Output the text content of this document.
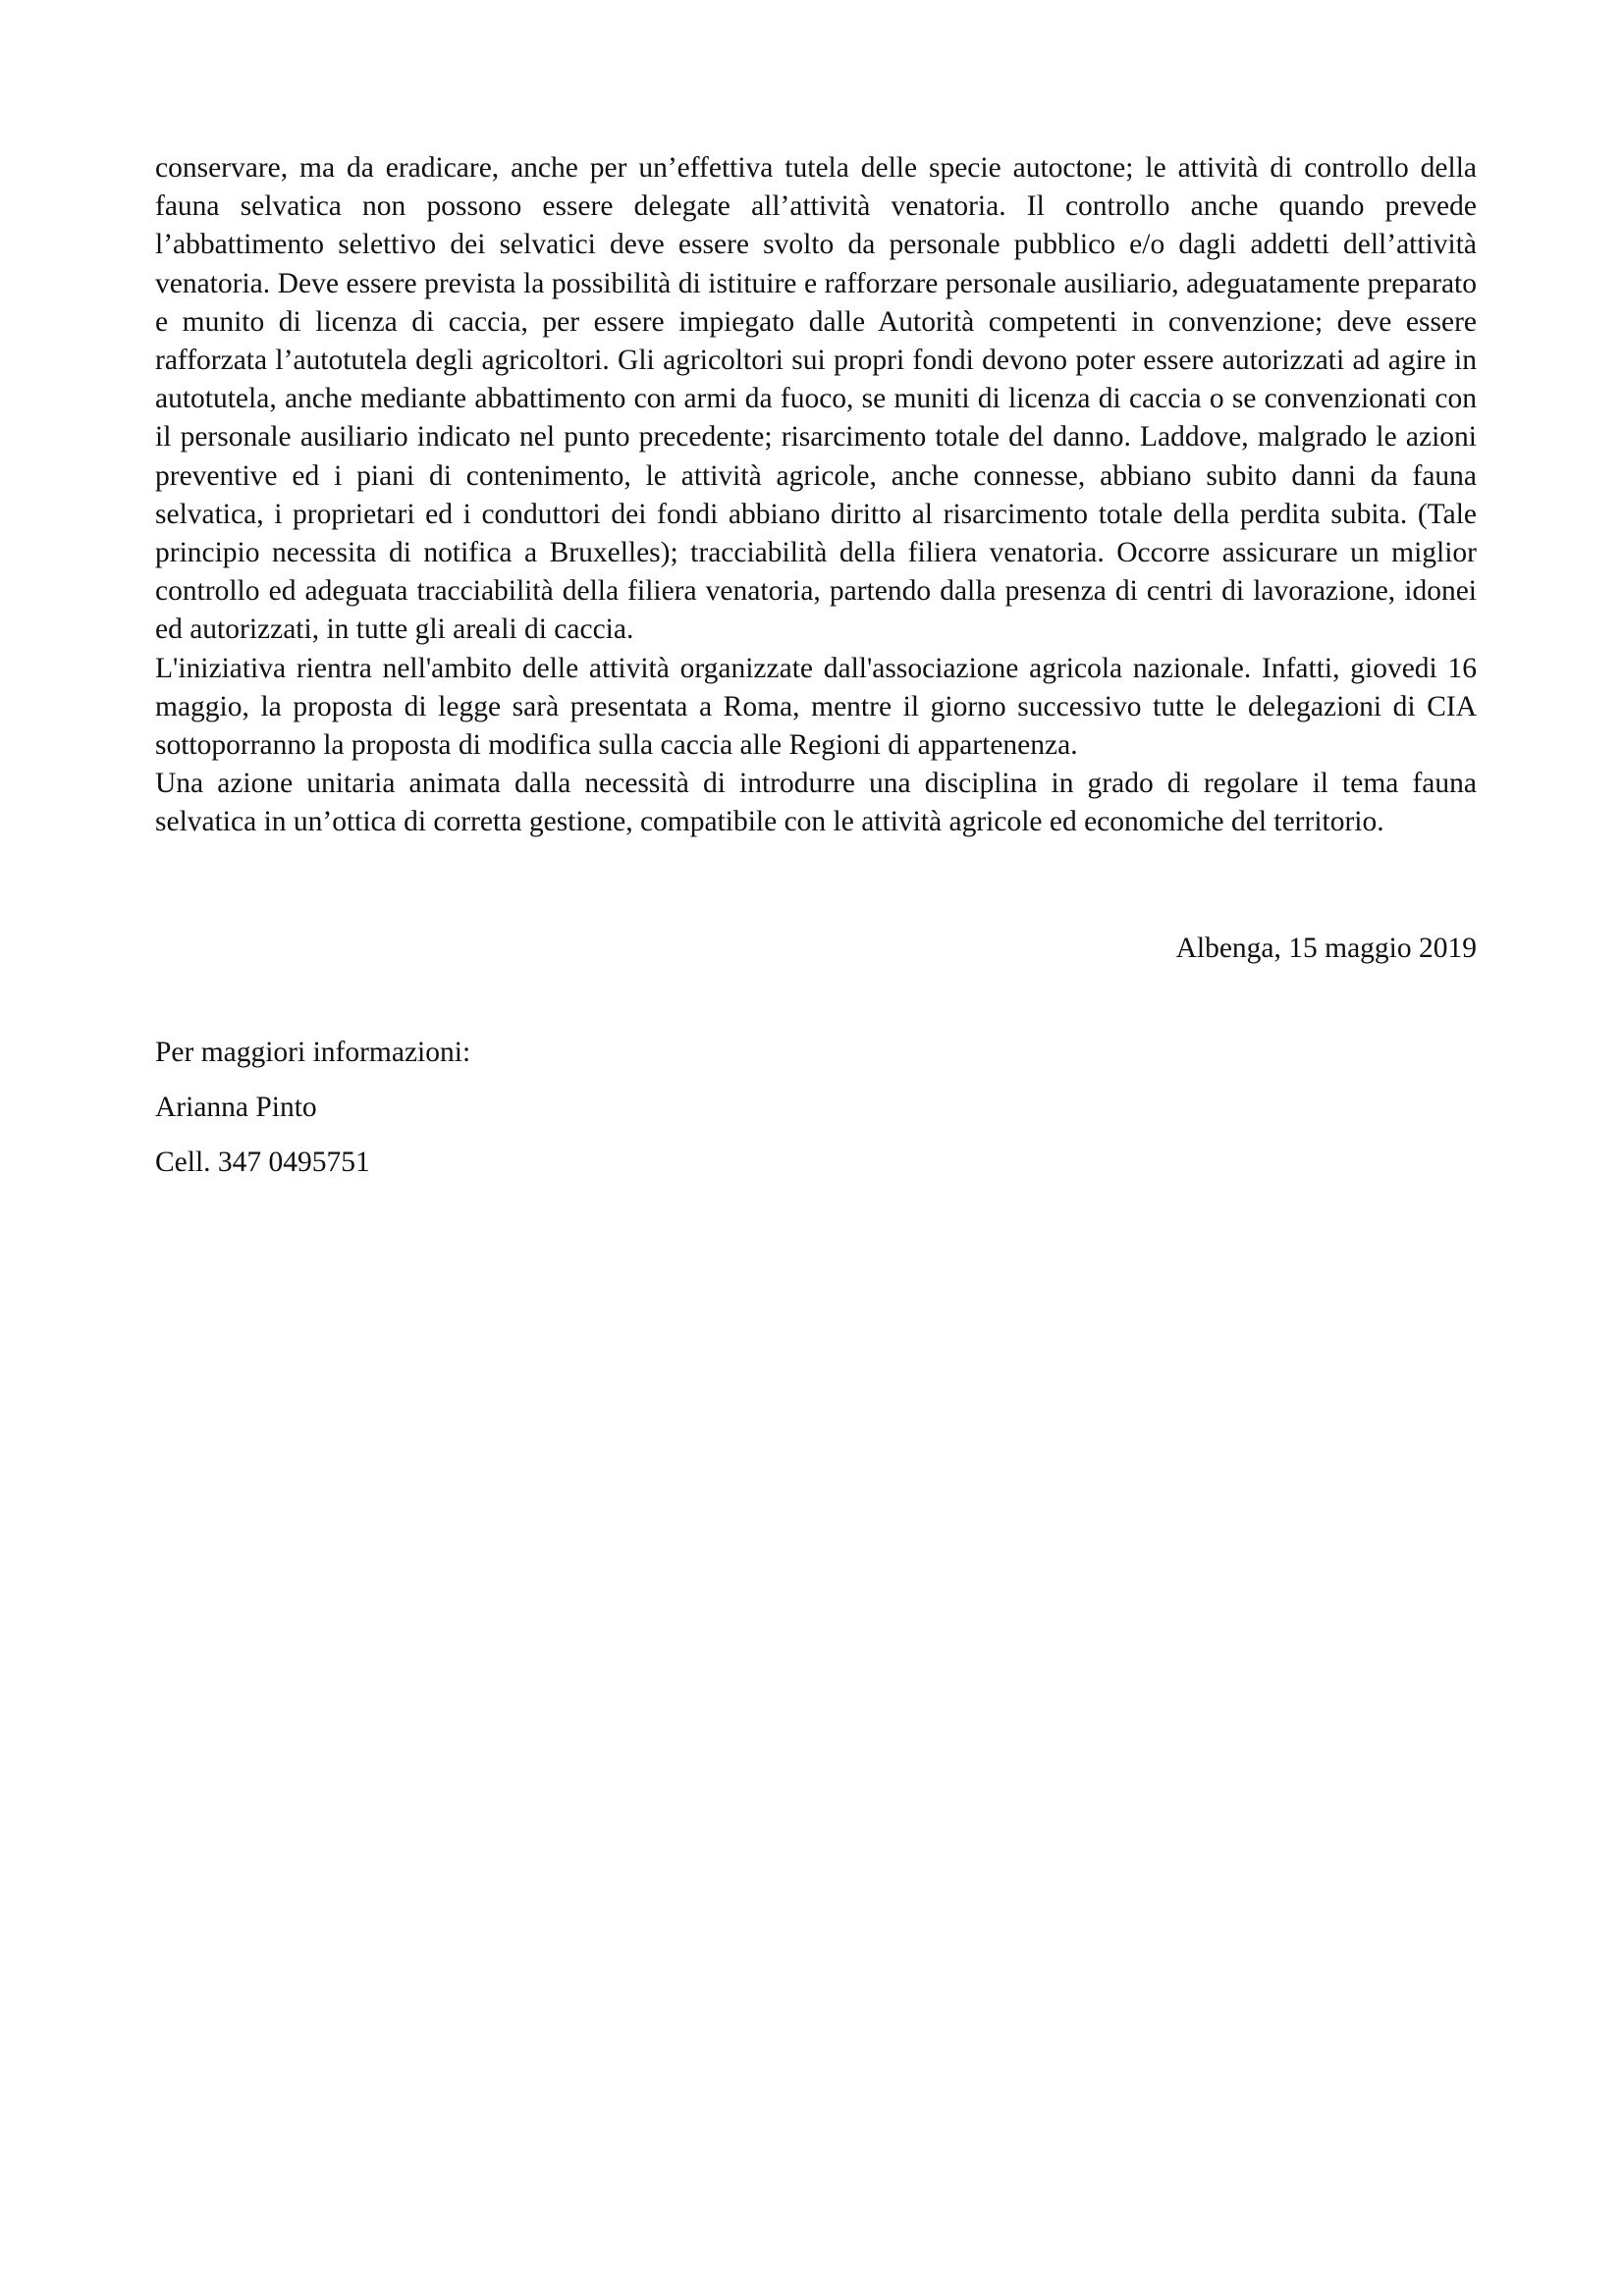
conservare, ma da eradicare, anche per un’effettiva tutela delle specie autoctone; le attività di controllo della fauna selvatica non possono essere delegate all’attività venatoria. Il controllo anche quando prevede l’abbattimento selettivo dei selvatici deve essere svolto da personale pubblico e/o dagli addetti dell’attività venatoria. Deve essere prevista la possibilità di istituire e rafforzare personale ausiliario, adeguatamente preparato e munito di licenza di caccia, per essere impiegato dalle Autorità competenti in convenzione; deve essere rafforzata l’autotutela degli agricoltori. Gli agricoltori sui propri fondi devono poter essere autorizzati ad agire in autotutela, anche mediante abbattimento con armi da fuoco, se muniti di licenza di caccia o se convenzionati con il personale ausiliario indicato nel punto precedente; risarcimento totale del danno. Laddove, malgrado le azioni preventive ed i piani di contenimento, le attività agricole, anche connesse, abbiano subito danni da fauna selvatica, i proprietari ed i conduttori dei fondi abbiano diritto al risarcimento totale della perdita subita. (Tale principio necessita di notifica a Bruxelles); tracciabilità della filiera venatoria. Occorre assicurare un miglior controllo ed adeguata tracciabilità della filiera venatoria, partendo dalla presenza di centri di lavorazione, idonei ed autorizzati, in tutte gli areali di caccia.

L'iniziativa rientra nell'ambito delle attività organizzate dall'associazione agricola nazionale. Infatti, giovedi 16 maggio, la proposta di legge sarà presentata a Roma, mentre il giorno successivo tutte le delegazioni di CIA sottoporranno la proposta di modifica sulla caccia alle Regioni di appartenenza.

Una azione unitaria animata dalla necessità di introdurre una disciplina in grado di regolare il tema fauna selvatica in un’ottica di corretta gestione, compatibile con le attività agricole ed economiche del territorio.

Albenga, 15 maggio 2019

Per maggiori informazioni:

Arianna Pinto

Cell. 347 0495751
